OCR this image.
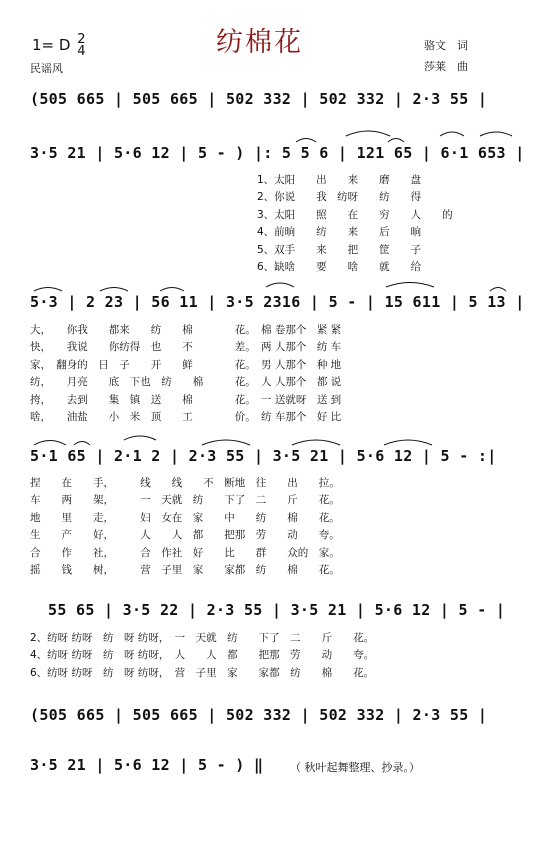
1= D 2
4
民谣风
纺棉花	骆文　词
莎莱　曲
(505 665 | 505 665 | 502 332 | 502 332 | 2·3 55 |
3·5 21 | 5·6 12 | 5 - ) |: 5 5 6 | 121 65 | 6·1 653 |
1、太阳　　出　　来　　磨　　盘
2、你说　　我　纺呀　　纺　　得
3、太阳　　照　　在　　穷　　人　　的
4、前晌　　纺　　来　　后　　晌
5、双手　　来　　把　　筐　　子
6、缺啥　　要　　啥　　就　　给
5·3 | 2 23 | 56 11 | 3·5 2316 | 5 - | 15 611 | 5 13 |
大，　　你我　　都来　　纺　　棉　　　　花。　棉 卷那个　紧 紧
快，　　我说　　你纺得　也　　不　　　　差。　两 人那个　纺 车
家，　翻身的　日　子　　开　　鲜　　　　花。　男 人那个　种 地
纺，　　月亮　　底　下也　纺　　棉　　　花。　人 人那个　都 说
挎，　　去到　　集　镇　送　　棉　　　　花。　一 送就呀　送 到
啥，　　油盐　　小　米　顶　　工　　　　价。　纺 车那个　好 比
5·1 65 | 2·1 2 | 2·3 55 | 3·5 21 | 5·6 12 | 5 - :|
捏　　在　　手，　　　线　　线　　不　断地　往　　出　　拉。
车　　两　　架，　　　一　天就　纺　　下了　二　　斤　　花。
地　　里　　走，　　　妇　女在　家　　中　　纺　　棉　　花。
生　　产　　好，　　　人　　人　都　　把那　劳　　动　　夸。
合　　作　　社，　　　合　作社　好　　比　　群　　众的　家。
摇　　钱　　树，　　　营　子里　家　　家都　纺　　棉　　花。
55 65 | 3·5 22 | 2·3 55 | 3·5 21 | 5·6 12 | 5 - |
2、纺呀 纺呀　纺　呀 纺呀，　一　天就　纺　　下了　二　　斤　　花。
4、纺呀 纺呀　纺　呀 纺呀，　人　　人　都　　把那　劳　　动　　夸。
6、纺呀 纺呀　纺　呀 纺呀，　营　子里　家　　家都　纺　　棉　　花。
(505 665 | 505 665 | 502 332 | 502 332 | 2·3 55 |
3·5 21 | 5·6 12 | 5 - ) ‖ （ 秋叶起舞整理、抄录。）
